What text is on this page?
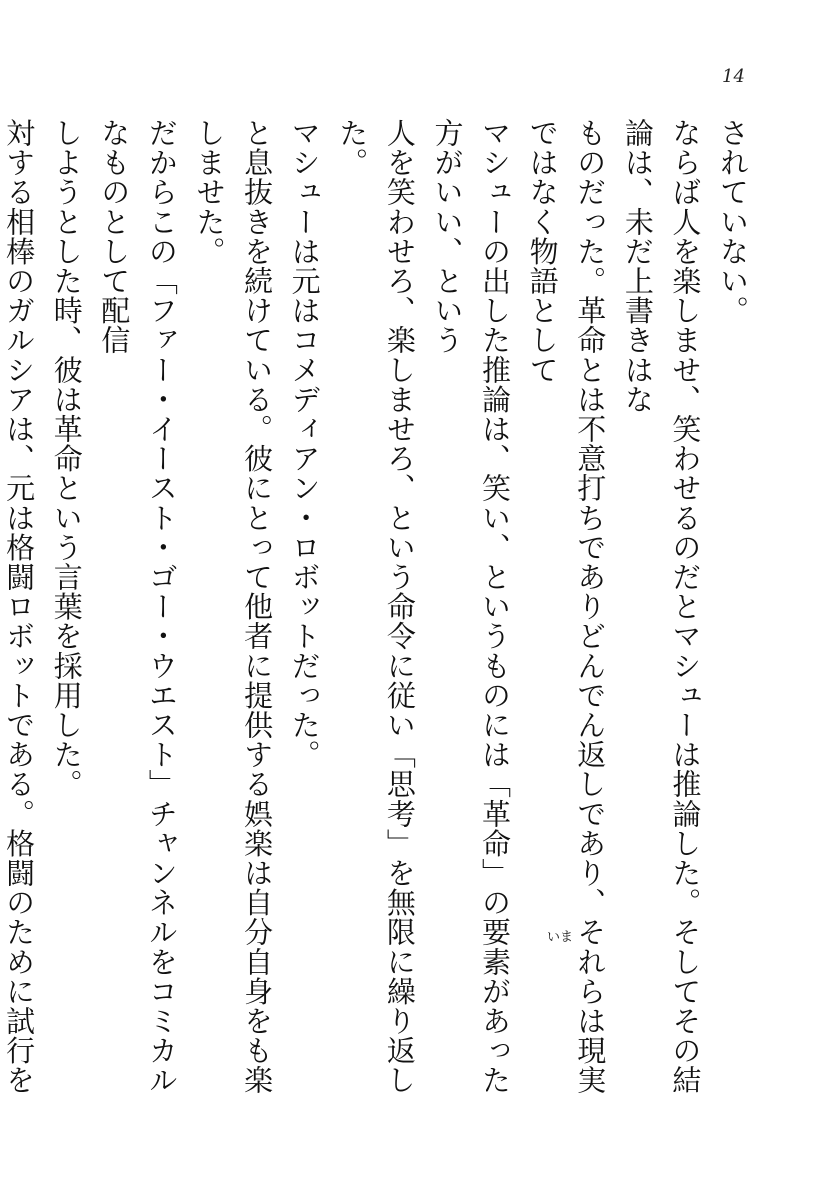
14
いま

されていない。

ならば人を楽しませ、笑わせるのだとマシューは推論した。そしてその結論は、未だ上書きはな

ものだった。革命とは不意打ちでありどんでん返しであり、それらは現実ではなく物語として

マシューの出した推論は、笑い、というものには「革命」の要素があった方がいい、という

人を笑わせろ、楽しませろ、という命令に従い「思考」を無限に繰り返した。

マシューは元はコメディアン・ロボットだった。

と息抜きを続けている。彼にとって他者に提供する娯楽は自分自身をも楽しませた。

だからこの「ファー・イースト・ゴー・ウエスト」チャンネルをコミカルなものとして配信

しようとした時、彼は革命という言葉を採用した。

対する相棒のガルシアは、元は格闘ロボットである。格闘のために試行を
